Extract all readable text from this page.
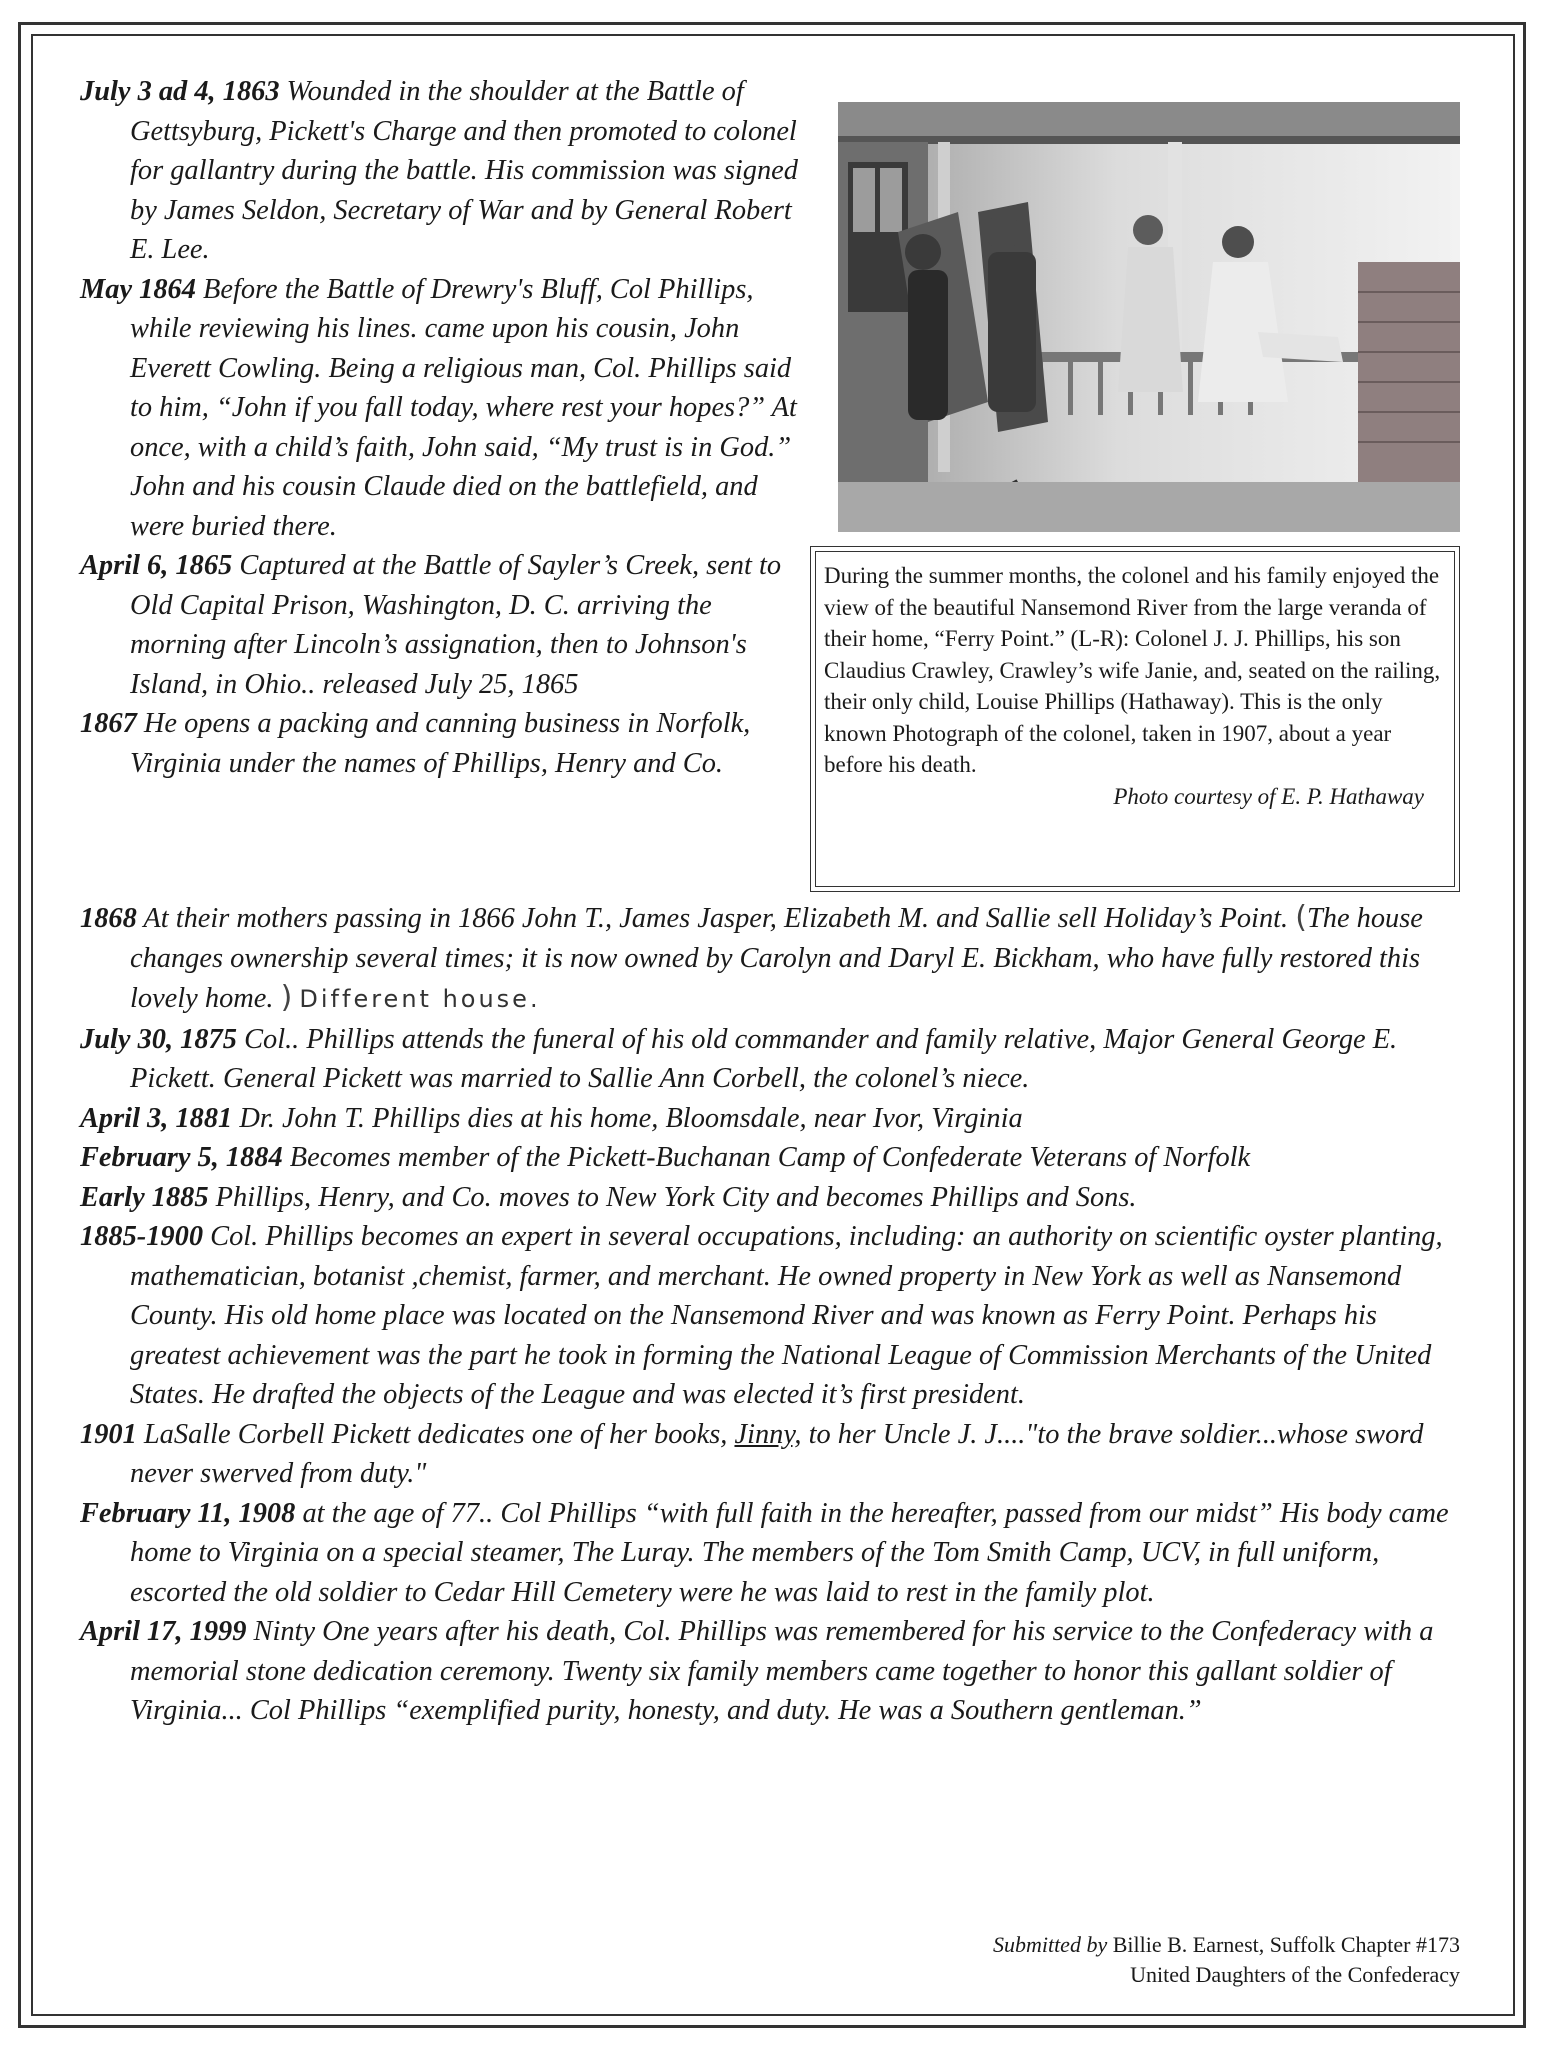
July 3 ad 4, 1863 Wounded in the shoulder at the Battle of Gettsyburg, Pickett's Charge and then promoted to colonel for gallantry during the battle. His commission was signed by James Seldon, Secretary of War and by General Robert E. Lee.

May 1864 Before the Battle of Drewry's Bluff, Col Phillips, while reviewing his lines. came upon his cousin, John Everett Cowling. Being a religious man, Col. Phillips said to him, “John if you fall today, where rest your hopes?” At once, with a child’s faith, John said, “My trust is in God.” John and his cousin Claude died on the battlefield, and were buried there.

April 6, 1865 Captured at the Battle of Sayler’s Creek, sent to Old Capital Prison, Washington, D. C. arriving the morning after Lincoln’s assignation, then to Johnson's Island, in Ohio.. released July 25, 1865

1867 He opens a packing and canning business in Norfolk, Virginia under the names of Phillips, Henry and Co.

During the summer months, the colonel and his family enjoyed the view of the beautiful Nansemond River from the large veranda of their home, “Ferry Point.” (L-R): Colonel J. J. Phillips, his son Claudius Crawley, Crawley’s wife Janie, and, seated on the railing, their only child, Louise Phillips (Hathaway). This is the only known Photograph of the colonel, taken in 1907, about a year before his death.
Photo courtesy of E. P. Hathaway

1868 At their mothers passing in 1866 John T., James Jasper, Elizabeth M. and Sallie sell Holiday’s Point. (The house changes ownership several times; it is now owned by Carolyn and Daryl E. Bickham, who have fully restored this lovely home. ) Different house.

July 30, 1875 Col.. Phillips attends the funeral of his old commander and family relative, Major General George E. Pickett. General Pickett was married to Sallie Ann Corbell, the colonel’s niece.

April 3, 1881 Dr. John T. Phillips dies at his home, Bloomsdale, near Ivor, Virginia

February 5, 1884 Becomes member of the Pickett-Buchanan Camp of Confederate Veterans of Norfolk

Early 1885 Phillips, Henry, and Co. moves to New York City and becomes Phillips and Sons.

1885-1900 Col. Phillips becomes an expert in several occupations, including: an authority on scientific oyster planting, mathematician, botanist ,chemist, farmer, and merchant. He owned property in New York as well as Nansemond County. His old home place was located on the Nansemond River and was known as Ferry Point. Perhaps his greatest achievement was the part he took in forming the National League of Commission Merchants of the United States. He drafted the objects of the League and was elected it’s first president.

1901 LaSalle Corbell Pickett dedicates one of her books, Jinny, to her Uncle J. J...."to the brave soldier...whose sword never swerved from duty."

February 11, 1908 at the age of 77.. Col Phillips “with full faith in the hereafter, passed from our midst” His body came home to Virginia on a special steamer, The Luray. The members of the Tom Smith Camp, UCV, in full uniform, escorted the old soldier to Cedar Hill Cemetery were he was laid to rest in the family plot.

April 17, 1999 Ninty One years after his death, Col. Phillips was remembered for his service to the Confederacy with a memorial stone dedication ceremony. Twenty six family members came together to honor this gallant soldier of Virginia... Col Phillips “exemplified purity, honesty, and duty. He was a Southern gentleman.”

Submitted by Billie B. Earnest, Suffolk Chapter #173
United Daughters of the Confederacy
